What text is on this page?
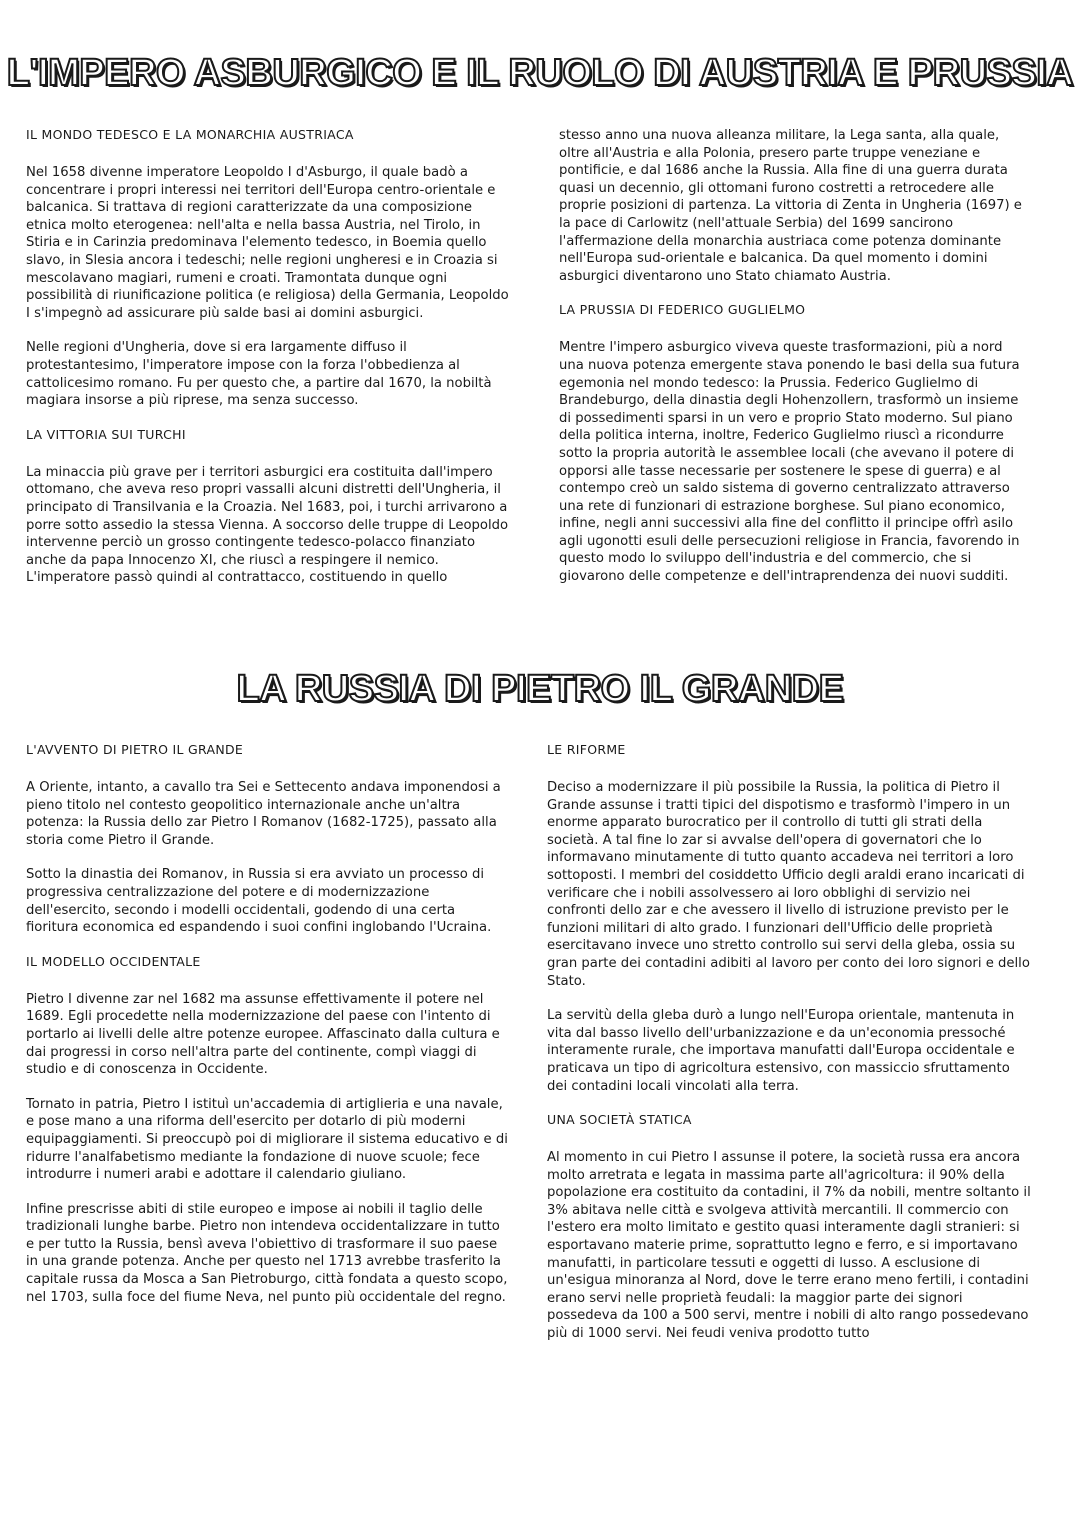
L'IMPERO ASBURGICO E IL RUOLO DI AUSTRIA E PRUSSIA

IL MONDO TEDESCO E LA MONARCHIA AUSTRIACA

Nel 1658 divenne imperatore Leopoldo I d'Asburgo, il quale badò a concentrare i propri interessi nei territori dell'Europa centro-orientale e balcanica. Si trattava di regioni caratterizzate da una composizione etnica molto eterogenea: nell'alta e nella bassa Austria, nel Tirolo, in Stiria e in Carinzia predominava l'elemento tedesco, in Boemia quello slavo, in Slesia ancora i tedeschi; nelle regioni ungheresi e in Croazia si mescolavano magiari, rumeni e croati. Tramontata dunque ogni possibilità di riunificazione politica (e religiosa) della Germania, Leopoldo I s'impegnò ad assicurare più salde basi ai domini asburgici.

Nelle regioni d'Ungheria, dove si era largamente diffuso il protestantesimo, l'imperatore impose con la forza l'obbedienza al cattolicesimo romano. Fu per questo che, a partire dal 1670, la nobiltà magiara insorse a più riprese, ma senza successo.

LA VITTORIA SUI TURCHI

La minaccia più grave per i territori asburgici era costituita dall'impero ottomano, che aveva reso propri vassalli alcuni distretti dell'Ungheria, il principato di Transilvania e la Croazia. Nel 1683, poi, i turchi arrivarono a porre sotto assedio la stessa Vienna. A soccorso delle truppe di Leopoldo intervenne perciò un grosso contingente tedesco-polacco finanziato anche da papa Innocenzo XI, che riuscì a respingere il nemico. L'imperatore passò quindi al contrattacco, costituendo in quello

stesso anno una nuova alleanza militare, la Lega santa, alla quale, oltre all'Austria e alla Polonia, presero parte truppe veneziane e pontificie, e dal 1686 anche la Russia. Alla fine di una guerra durata quasi un decennio, gli ottomani furono costretti a retrocedere alle proprie posizioni di partenza. La vittoria di Zenta in Ungheria (1697) e la pace di Carlowitz (nell'attuale Serbia) del 1699 sancirono l'affermazione della monarchia austriaca come potenza dominante nell'Europa sud-orientale e balcanica. Da quel momento i domini asburgici diventarono uno Stato chiamato Austria.

LA PRUSSIA DI FEDERICO GUGLIELMO

Mentre l'impero asburgico viveva queste trasformazioni, più a nord una nuova potenza emergente stava ponendo le basi della sua futura egemonia nel mondo tedesco: la Prussia. Federico Guglielmo di Brandeburgo, della dinastia degli Hohenzollern, trasformò un insieme di possedimenti sparsi in un vero e proprio Stato moderno. Sul piano della politica interna, inoltre, Federico Guglielmo riuscì a ricondurre sotto la propria autorità le assemblee locali (che avevano il potere di opporsi alle tasse necessarie per sostenere le spese di guerra) e al contempo creò un saldo sistema di governo centralizzato attraverso una rete di funzionari di estrazione borghese. Sul piano economico, infine, negli anni successivi alla fine del conflitto il principe offrì asilo agli ugonotti esuli delle persecuzioni religiose in Francia, favorendo in questo modo lo sviluppo dell'industria e del commercio, che si giovarono delle competenze e dell'intraprendenza dei nuovi sudditi.

LA RUSSIA DI PIETRO IL GRANDE

L'AVVENTO DI PIETRO IL GRANDE

A Oriente, intanto, a cavallo tra Sei e Settecento andava imponendosi a pieno titolo nel contesto geopolitico internazionale anche un'altra potenza: la Russia dello zar Pietro I Romanov (1682-1725), passato alla storia come Pietro il Grande.

Sotto la dinastia dei Romanov, in Russia si era avviato un processo di progressiva centralizzazione del potere e di modernizzazione dell'esercito, secondo i modelli occidentali, godendo di una certa fioritura economica ed espandendo i suoi confini inglobando l'Ucraina.

IL MODELLO OCCIDENTALE

Pietro I divenne zar nel 1682 ma assunse effettivamente il potere nel 1689. Egli procedette nella modernizzazione del paese con l'intento di portarlo ai livelli delle altre potenze europee. Affascinato dalla cultura e dai progressi in corso nell'altra parte del continente, compì viaggi di studio e di conoscenza in Occidente.

Tornato in patria, Pietro I istituì un'accademia di artiglieria e una navale, e pose mano a una riforma dell'esercito per dotarlo di più moderni equipaggiamenti. Si preoccupò poi di migliorare il sistema educativo e di ridurre l'analfabetismo mediante la fondazione di nuove scuole; fece introdurre i numeri arabi e adottare il calendario giuliano.

Infine prescrisse abiti di stile europeo e impose ai nobili il taglio delle tradizionali lunghe barbe. Pietro non intendeva occidentalizzare in tutto e per tutto la Russia, bensì aveva l'obiettivo di trasformare il suo paese in una grande potenza. Anche per questo nel 1713 avrebbe trasferito la capitale russa da Mosca a San Pietroburgo, città fondata a questo scopo, nel 1703, sulla foce del fiume Neva, nel punto più occidentale del regno.

LE RIFORME

Deciso a modernizzare il più possibile la Russia, la politica di Pietro il Grande assunse i tratti tipici del dispotismo e trasformò l'impero in un enorme apparato burocratico per il controllo di tutti gli strati della società. A tal fine lo zar si avvalse dell'opera di governatori che lo informavano minutamente di tutto quanto accadeva nei territori a loro sottoposti. I membri del cosiddetto Ufficio degli araldi erano incaricati di verificare che i nobili assolvessero ai loro obblighi di servizio nei confronti dello zar e che avessero il livello di istruzione previsto per le funzioni militari di alto grado. I funzionari dell'Ufficio delle proprietà esercitavano invece uno stretto controllo sui servi della gleba, ossia su gran parte dei contadini adibiti al lavoro per conto dei loro signori e dello Stato.

La servitù della gleba durò a lungo nell'Europa orientale, mantenuta in vita dal basso livello dell'urbanizzazione e da un'economia pressoché interamente rurale, che importava manufatti dall'Europa occidentale e praticava un tipo di agricoltura estensivo, con massiccio sfruttamento dei contadini locali vincolati alla terra.

UNA SOCIETÀ STATICA

Al momento in cui Pietro I assunse il potere, la società russa era ancora molto arretrata e legata in massima parte all'agricoltura: il 90% della popolazione era costituito da contadini, il 7% da nobili, mentre soltanto il 3% abitava nelle città e svolgeva attività mercantili. Il commercio con l'estero era molto limitato e gestito quasi interamente dagli stranieri: si esportavano materie prime, soprattutto legno e ferro, e si importavano manufatti, in particolare tessuti e oggetti di lusso. A esclusione di un'esigua minoranza al Nord, dove le terre erano meno fertili, i contadini erano servi nelle proprietà feudali: la maggior parte dei signori possedeva da 100 a 500 servi, mentre i nobili di alto rango possedevano più di 1000 servi. Nei feudi veniva prodotto tutto
